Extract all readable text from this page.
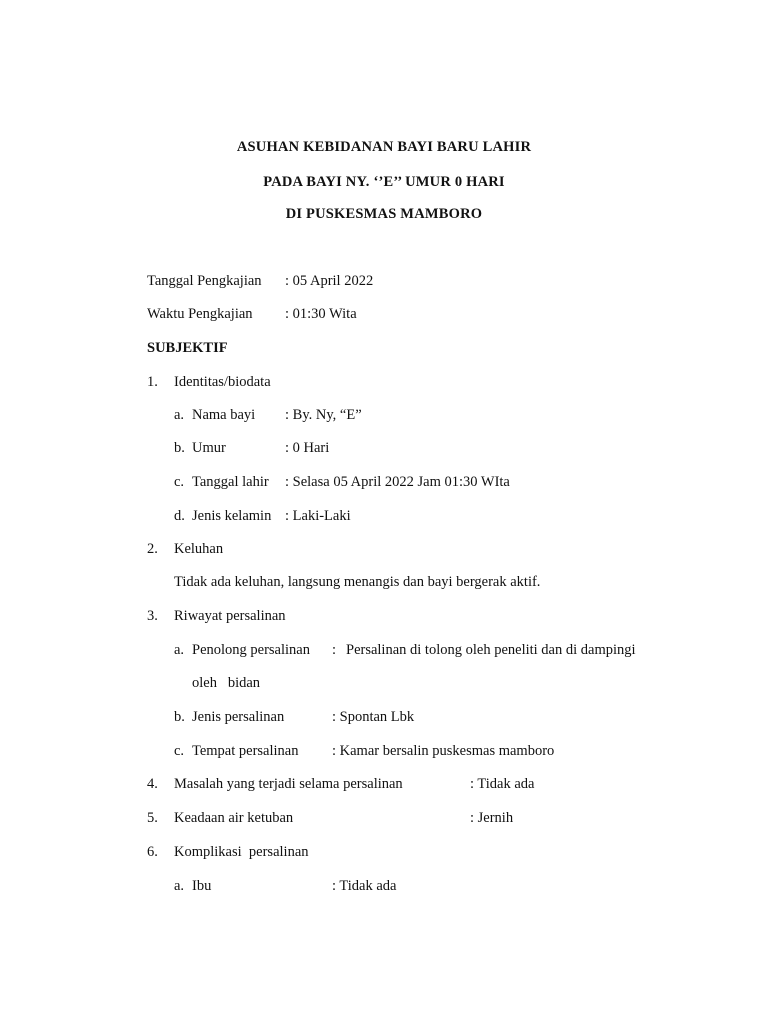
ASUHAN KEBIDANAN BAYI BARU LAHIR
PADA BAYI NY. ‘’E’’ UMUR 0 HARI
DI PUSKESMAS MAMBORO
Tanggal Pengkajian : 05 April 2022
Waktu Pengkajian : 01:30 Wita
SUBJEKTIF
1. Identitas/biodata
a. Nama bayi : By. Ny, “E”
b. Umur	: 0 Hari
c. Tanggal lahir : Selasa 05 April 2022 Jam 01:30 WIta
d. Jenis kelamin : Laki-Laki
2. Keluhan
Tidak ada keluhan, langsung menangis dan bayi bergerak aktif.
3. Riwayat persalinan
a. Penolong persalinan : Persalinan di tolong oleh peneliti dan di dampingi
oleh   bidan
b. Jenis persalinan	: Spontan Lbk
c. Tempat persalinan : Kamar bersalin puskesmas mamboro
4. Masalah yang terjadi selama persalinan	: Tidak ada
5. Keadaan air ketuban	: Jernih
6. Komplikasi  persalinan
a. Ibu	: Tidak ada
